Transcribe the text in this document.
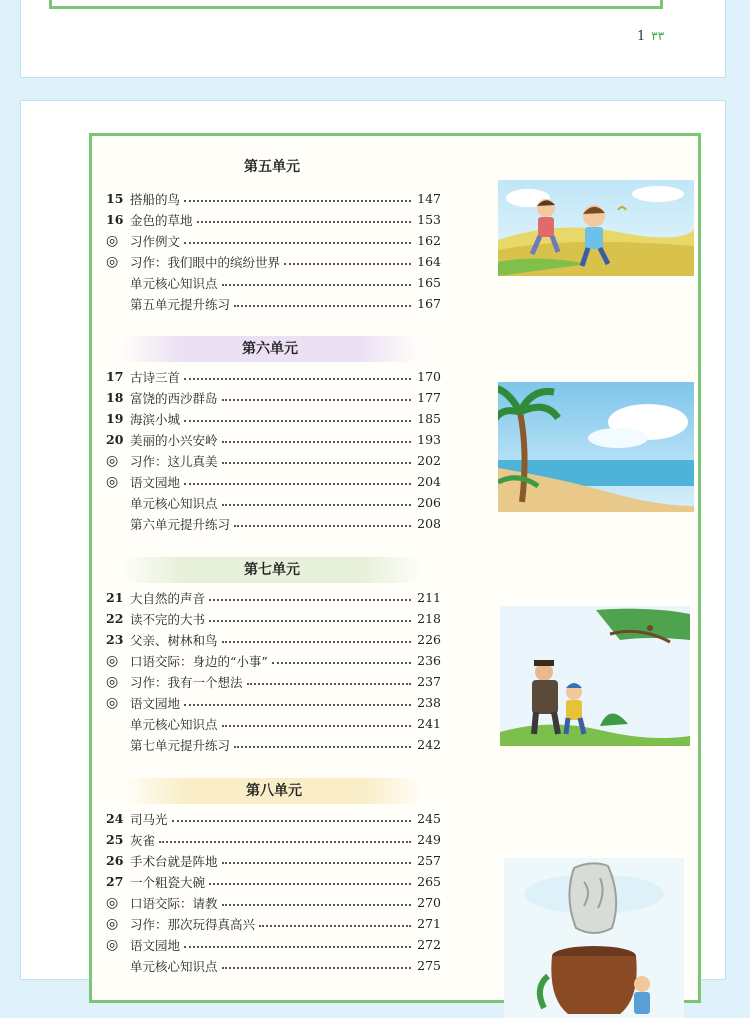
1 ٣٣
第五单元
第六单元
第七单元
第八单元
15 搭船的鸟	147
16 金色的草地	153
◎ 习作例文	162
◎ 习作：我们眼中的缤纷世界	164
单元核心知识点	165
第五单元提升练习	167
17 古诗三首	170
18 富饶的西沙群岛	177
19 海滨小城	185
20 美丽的小兴安岭	193
◎ 习作：这儿真美	202
◎ 语文园地	204
单元核心知识点	206
第六单元提升练习	208
21 大自然的声音	211
22 读不完的大书	218
23 父亲、树林和鸟	226
◎ 口语交际：身边的“小事”	236
◎ 习作：我有一个想法	237
◎ 语文园地	238
单元核心知识点	241
第七单元提升练习	242
24 司马光	245
25 灰雀	249
26 手术台就是阵地	257
27 一个粗瓷大碗	265
◎ 口语交际：请教	270
◎ 习作：那次玩得真高兴	271
◎ 语文园地	272
单元核心知识点	275
